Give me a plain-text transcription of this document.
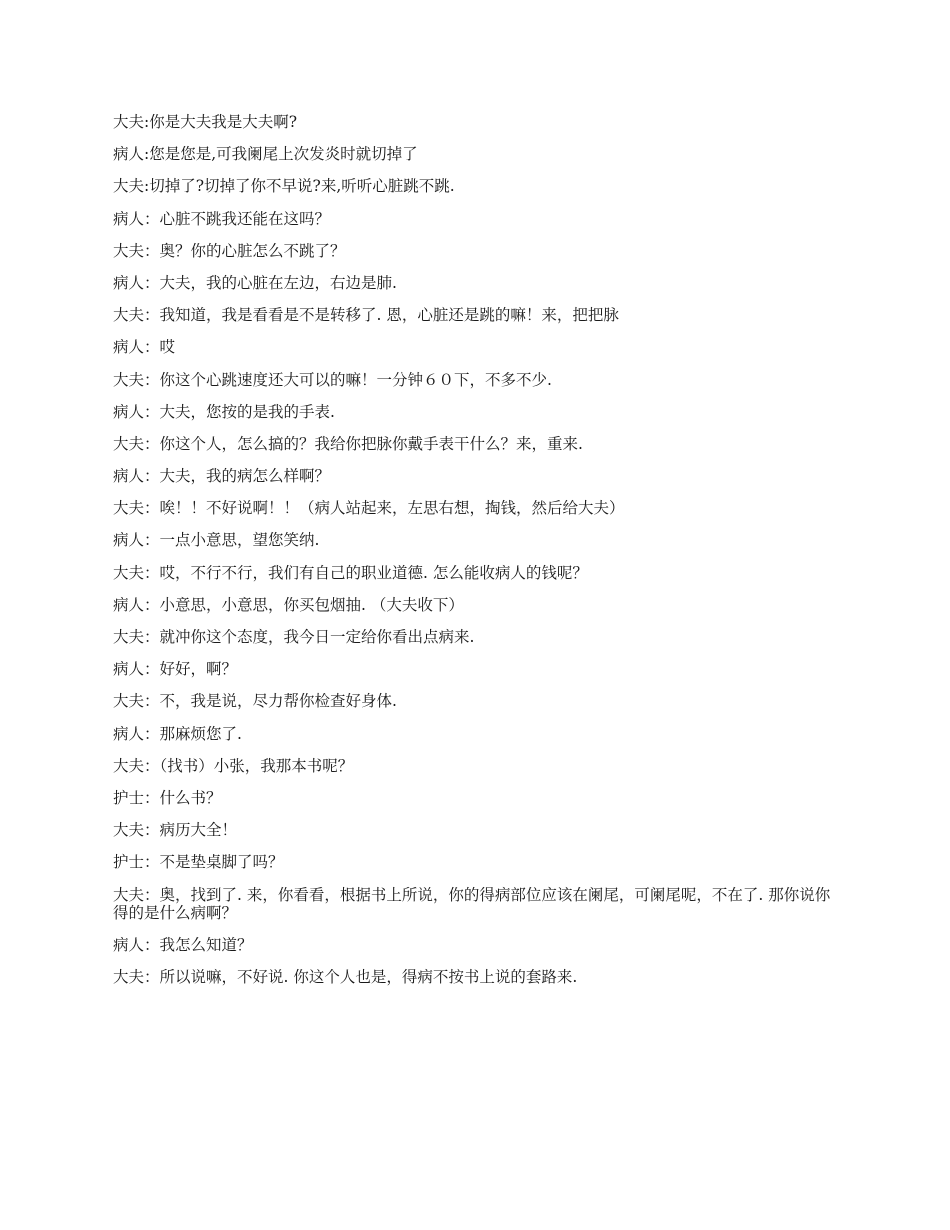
大夫:你是大夫我是大夫啊?

病人:您是您是,可我阑尾上次发炎时就切掉了

大夫:切掉了?切掉了你不早说?来,听听心脏跳不跳.

病人：心脏不跳我还能在这吗？

大夫：奥？你的心脏怎么不跳了？

病人：大夫，我的心脏在左边，右边是肺.

大夫：我知道，我是看看是不是转移了. 恩，心脏还是跳的嘛！来，把把脉

病人：哎

大夫：你这个心跳速度还大可以的嘛！一分钟６０下，不多不少.

病人：大夫，您按的是我的手表.

大夫：你这个人，怎么搞的？我给你把脉你戴手表干什么？来，重来.

病人：大夫，我的病怎么样啊？

大夫：唉！！不好说啊！！（病人站起来，左思右想，掏钱，然后给大夫）

病人：一点小意思，望您笑纳.

大夫：哎，不行不行，我们有自己的职业道德. 怎么能收病人的钱呢？

病人：小意思，小意思，你买包烟抽. （大夫收下）

大夫：就冲你这个态度，我今日一定给你看出点病来.

病人：好好，啊？

大夫：不，我是说，尽力帮你检查好身体.

病人：那麻烦您了.

大夫：（找书）小张，我那本书呢？

护士：什么书？

大夫：病历大全！

护士：不是垫桌脚了吗？

大夫：奥，找到了. 来，你看看，根据书上所说，你的得病部位应该在阑尾，可阑尾呢，不在了. 那你说你得的是什么病啊？

病人：我怎么知道？

大夫：所以说嘛，不好说. 你这个人也是，得病不按书上说的套路来.
